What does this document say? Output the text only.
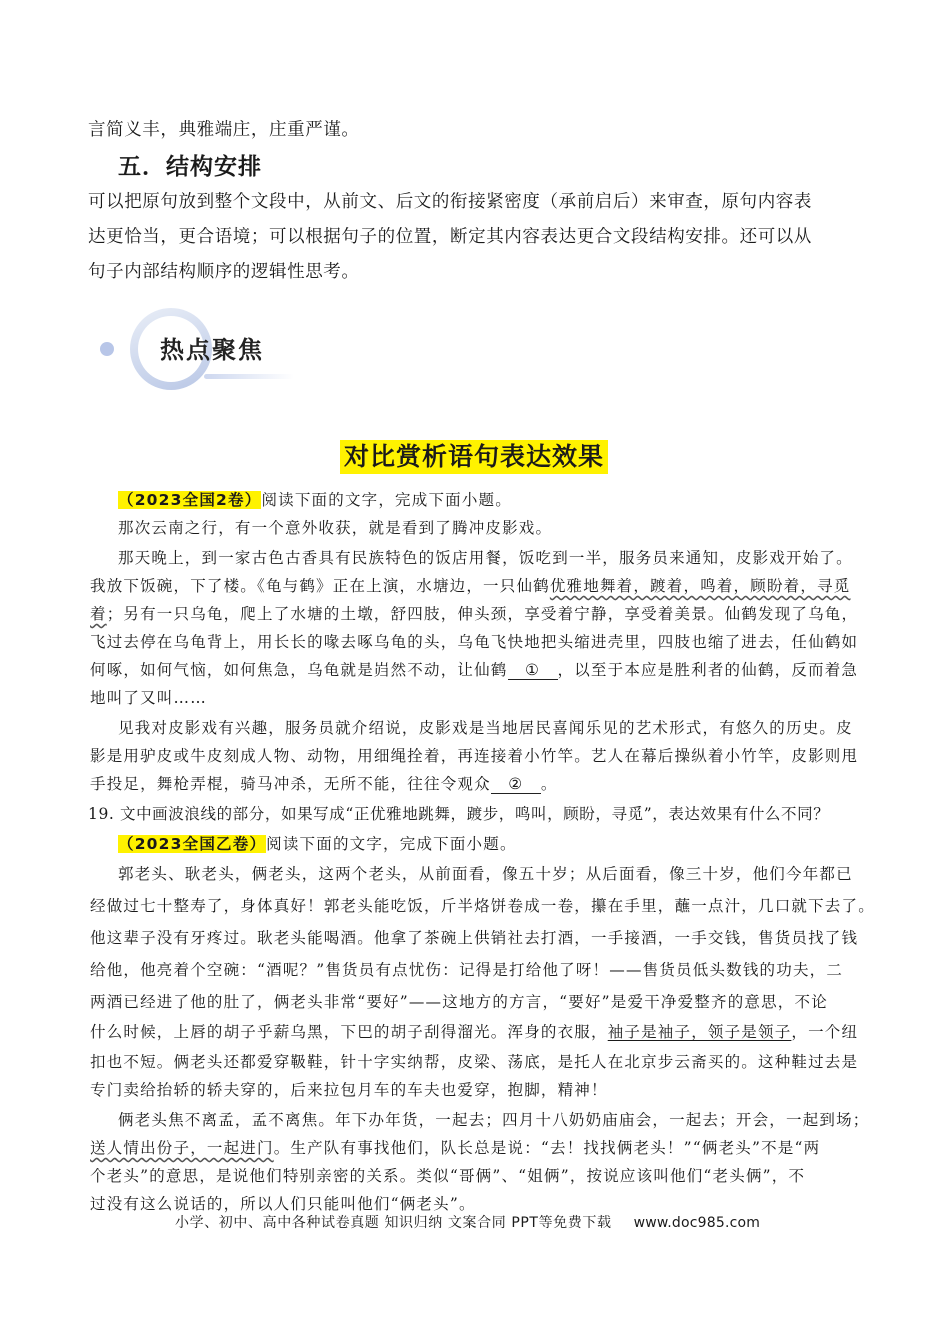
言简义丰，典雅端庄，庄重严谨。
五．结构安排
可以把原句放到整个文段中，从前文、后文的衔接紧密度（承前启后）来审查，原句内容表
达更恰当，更合语境；可以根据句子的位置，断定其内容表达更合文段结构安排。还可以从
句子内部结构顺序的逻辑性思考。
热点聚焦
对比赏析语句表达效果
（2023全国2卷）阅读下面的文字，完成下面小题。
那次云南之行，有一个意外收获，就是看到了腾冲皮影戏。
那天晚上，到一家古色古香具有民族特色的饭店用餐，饭吃到一半，服务员来通知，皮影戏开始了。
我放下饭碗，下了楼。《龟与鹤》正在上演，水塘边，一只仙鹤优雅地舞着，踱着，鸣着，顾盼着，寻觅
着；另有一只乌龟，爬上了水塘的土墩，舒四肢，伸头颈，享受着宁静，享受着美景。仙鹤发现了乌龟，
飞过去停在乌龟背上，用长长的喙去啄乌龟的头，乌龟飞快地把头缩进壳里，四肢也缩了进去，任仙鹤如
何啄，如何气恼，如何焦急，乌龟就是岿然不动，让仙鹤 ① ，以至于本应是胜利者的仙鹤，反而着急
地叫了又叫……
见我对皮影戏有兴趣，服务员就介绍说，皮影戏是当地居民喜闻乐见的艺术形式，有悠久的历史。皮
影是用驴皮或牛皮刻成人物、动物，用细绳拴着，再连接着小竹竿。艺人在幕后操纵着小竹竿，皮影则甩
手投足，舞枪弄棍，骑马冲杀，无所不能，往往令观众 ② 。
19. 文中画波浪线的部分，如果写成“正优雅地跳舞，踱步，鸣叫，顾盼，寻觅”，表达效果有什么不同？
（2023全国乙卷）阅读下面的文字，完成下面小题。
郭老头、耿老头，俩老头，这两个老头，从前面看，像五十岁；从后面看，像三十岁，他们今年都已
经做过七十整寿了，身体真好！郭老头能吃饭，斤半烙饼卷成一卷，攥在手里，蘸一点汁，几口就下去了。
他这辈子没有牙疼过。耿老头能喝酒。他拿了茶碗上供销社去打酒，一手接酒，一手交钱，售货员找了钱
给他，他亮着个空碗：“酒呢？”售货员有点忧伤：记得是打给他了呀！——售货员低头数钱的功夫，二
两酒已经进了他的肚了，俩老头非常“要好”——这地方的方言，“要好”是爱干净爱整齐的意思，不论
什么时候，上唇的胡子乎薪乌黑，下巴的胡子刮得溜光。浑身的衣服，袖子是袖子，领子是领子，一个纽
扣也不短。俩老头还都爱穿靸鞋，针十字实纳帮，皮梁、荡底，是托人在北京步云斋买的。这种鞋过去是
专门卖给抬轿的轿夫穿的，后来拉包月车的车夫也爱穿，抱脚，精神！
俩老头焦不离孟，孟不离焦。年下办年货，一起去；四月十八奶奶庙庙会，一起去；开会，一起到场；
送人情出份子，一起进门。生产队有事找他们，队长总是说：“去！找找俩老头！”“俩老头”不是“两
个老头”的意思，是说他们特别亲密的关系。类似“哥俩”、“姐俩”，按说应该叫他们“老头俩”，不
过没有这么说话的，所以人们只能叫他们“俩老头”。
小学、初中、高中各种试卷真题 知识归纳 文案合同 PPT等免费下载 www.doc985.com
